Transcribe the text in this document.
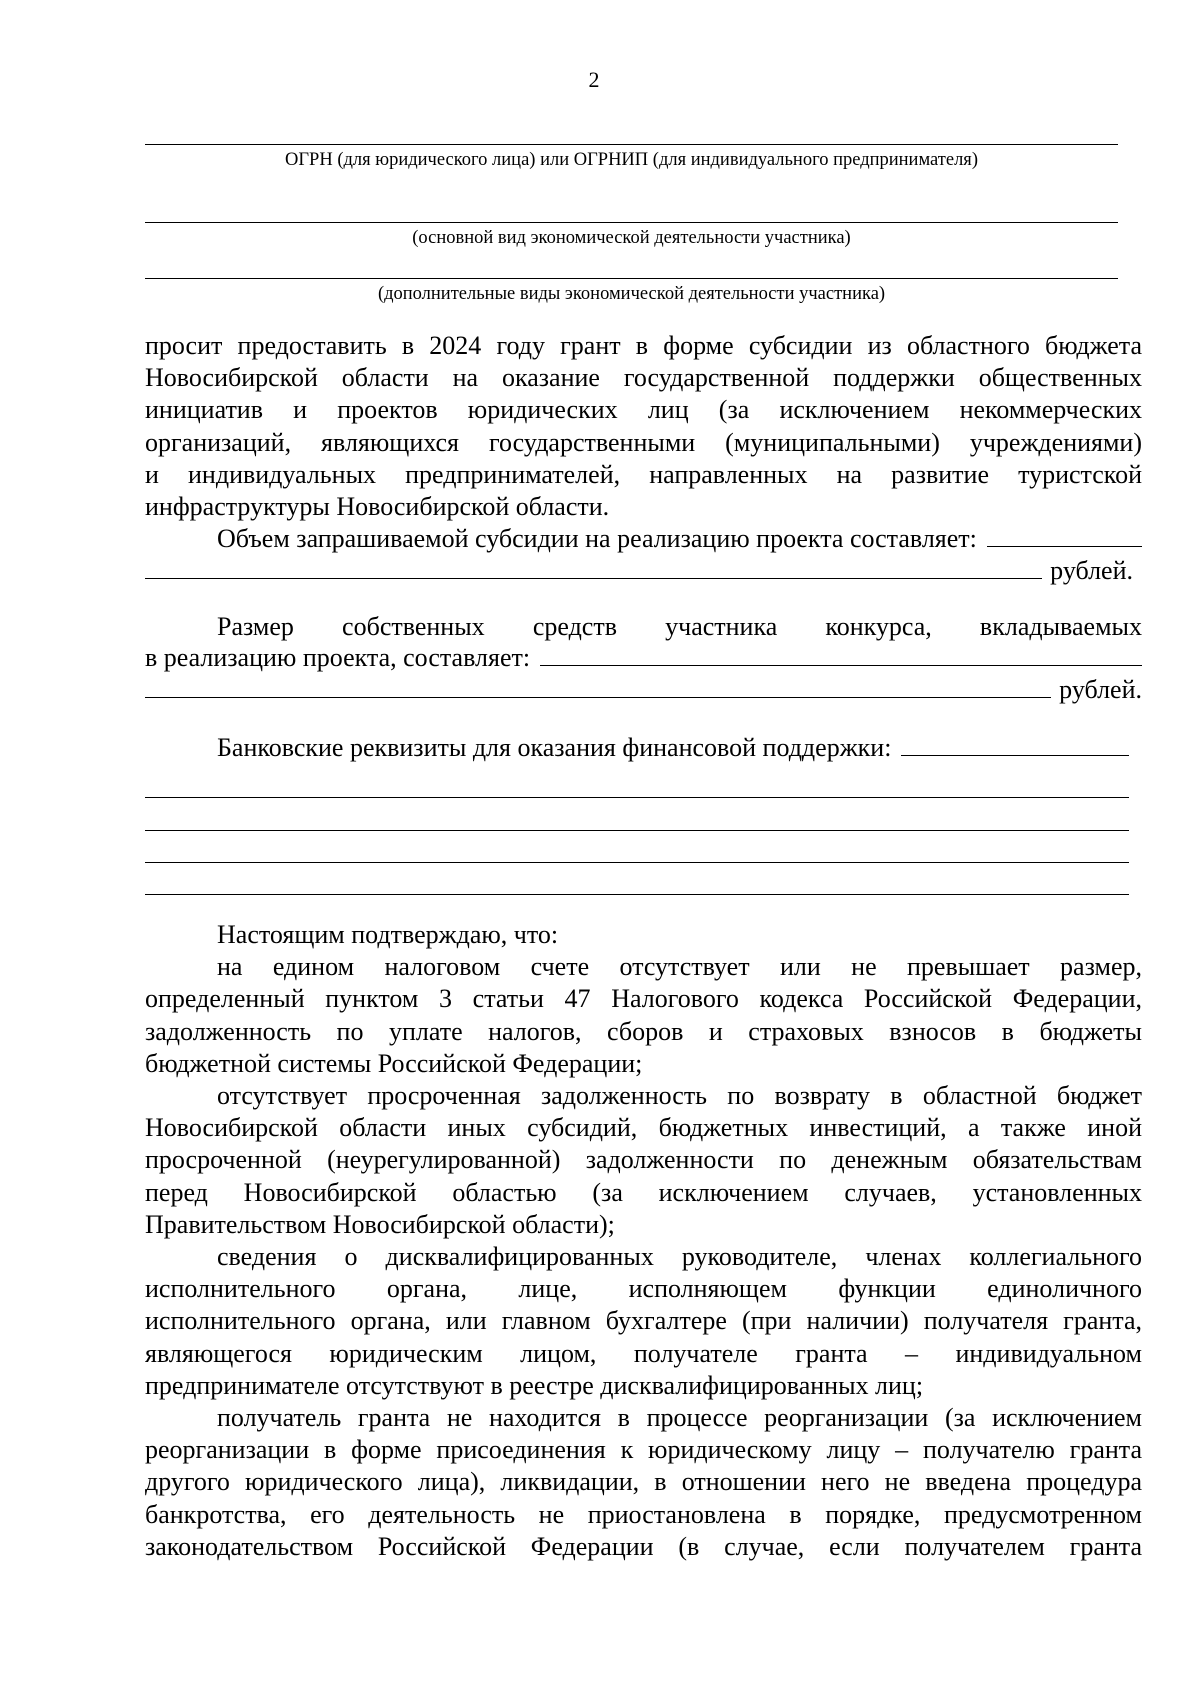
2
ОГРН (для юридического лица) или ОГРНИП (для индивидуального предпринимателя)
(основной вид экономической деятельности участника)
(дополнительные виды экономической деятельности участника)
просит предоставить в 2024 году грант в форме субсидии из областного бюджета
Новосибирской области на оказание государственной поддержки общественных
инициатив и проектов юридических лиц (за исключением некоммерческих
организаций, являющихся государственными (муниципальными) учреждениями)
и индивидуальных предпринимателей, направленных на развитие туристской
инфраструктуры Новосибирской области.
Объем запрашиваемой субсидии на реализацию проекта составляет:
рублей.
Размер собственных средств участника конкурса, вкладываемых
в реализацию проекта, составляет:
рублей.
Банковские реквизиты для оказания финансовой поддержки:
Настоящим подтверждаю, что:
на едином налоговом счете отсутствует или не превышает размер,
определенный пунктом 3 статьи 47 Налогового кодекса Российской Федерации,
задолженность по уплате налогов, сборов и страховых взносов в бюджеты
бюджетной системы Российской Федерации;
отсутствует просроченная задолженность по возврату в областной бюджет
Новосибирской области иных субсидий, бюджетных инвестиций, а также иной
просроченной (неурегулированной) задолженности по денежным обязательствам
перед Новосибирской областью (за исключением случаев, установленных
Правительством Новосибирской области);
сведения о дисквалифицированных руководителе, членах коллегиального
исполнительного органа, лице, исполняющем функции единоличного
исполнительного органа, или главном бухгалтере (при наличии) получателя гранта,
являющегося юридическим лицом, получателе гранта – индивидуальном
предпринимателе отсутствуют в реестре дисквалифицированных лиц;
получатель гранта не находится в процессе реорганизации (за исключением
реорганизации в форме присоединения к юридическому лицу – получателю гранта
другого юридического лица), ликвидации, в отношении него не введена процедура
банкротства, его деятельность не приостановлена в порядке, предусмотренном
законодательством Российской Федерации (в случае, если получателем гранта
